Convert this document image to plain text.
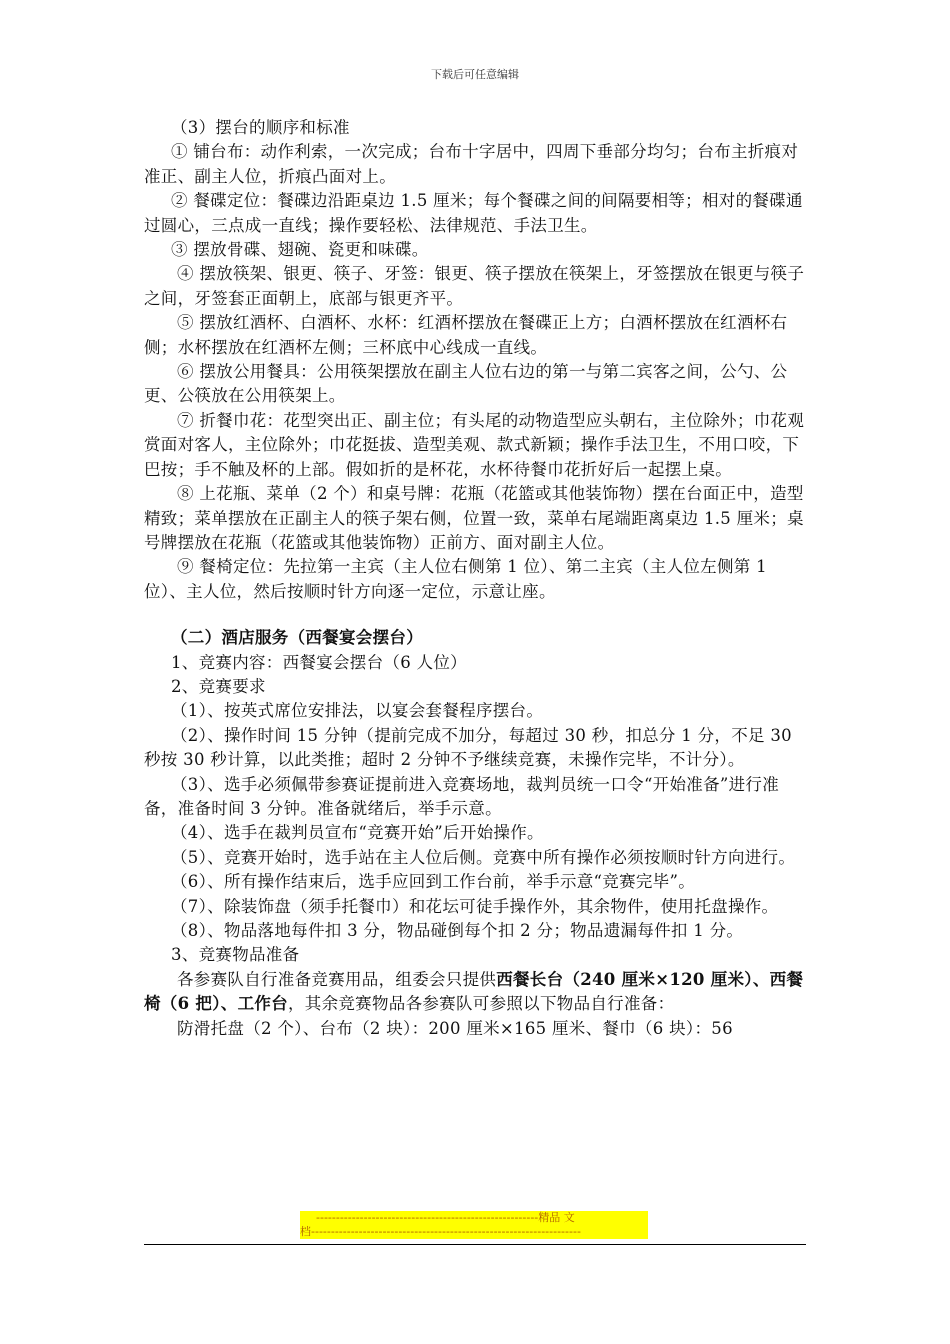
下载后可任意编辑

（3）摆台的顺序和标准

① 铺台布：动作利索，一次完成；台布十字居中，四周下垂部分均匀；台布主折痕对准正、副主人位，折痕凸面对上。

② 餐碟定位：餐碟边沿距桌边 1.5 厘米；每个餐碟之间的间隔要相等；相对的餐碟通过圆心，三点成一直线；操作要轻松、法律规范、手法卫生。

③ 摆放骨碟、翅碗、瓷更和味碟。

④ 摆放筷架、银更、筷子、牙签：银更、筷子摆放在筷架上，牙签摆放在银更与筷子之间，牙签套正面朝上，底部与银更齐平。

⑤ 摆放红酒杯、白酒杯、水杯：红酒杯摆放在餐碟正上方；白酒杯摆放在红酒杯右侧；水杯摆放在红酒杯左侧；三杯底中心线成一直线。

⑥ 摆放公用餐具：公用筷架摆放在副主人位右边的第一与第二宾客之间，公勺、公更、公筷放在公用筷架上。

⑦ 折餐巾花：花型突出正、副主位；有头尾的动物造型应头朝右，主位除外；巾花观赏面对客人，主位除外；巾花挺拔、造型美观、款式新颖；操作手法卫生，不用口咬，下巴按；手不触及杯的上部。假如折的是杯花，水杯待餐巾花折好后一起摆上桌。

⑧ 上花瓶、菜单（2 个）和桌号牌：花瓶（花篮或其他装饰物）摆在台面正中，造型精致；菜单摆放在正副主人的筷子架右侧，位置一致，菜单右尾端距离桌边 1.5 厘米；桌号牌摆放在花瓶（花篮或其他装饰物）正前方、面对副主人位。

⑨ 餐椅定位：先拉第一主宾（主人位右侧第 1 位）、第二主宾（主人位左侧第 1 位）、主人位，然后按顺时针方向逐一定位，示意让座。

（二）酒店服务（西餐宴会摆台）

1、竞赛内容：西餐宴会摆台（6 人位）

2、竞赛要求

（1）、按英式席位安排法，以宴会套餐程序摆台。

（2）、操作时间 15 分钟（提前完成不加分，每超过 30 秒，扣总分 1 分，不足 30 秒按 30 秒计算，以此类推；超时 2 分钟不予继续竞赛，未操作完毕，不计分）。

（3）、选手必须佩带参赛证提前进入竞赛场地，裁判员统一口令“开始准备”进行准备，准备时间 3 分钟。准备就绪后，举手示意。

（4）、选手在裁判员宣布“竞赛开始”后开始操作。

（5）、竞赛开始时，选手站在主人位后侧。竞赛中所有操作必须按顺时针方向进行。

（6）、所有操作结束后，选手应回到工作台前，举手示意“竞赛完毕”。

（7）、除装饰盘（须手托餐巾）和花坛可徒手操作外，其余物件，使用托盘操作。

（8）、物品落地每件扣 3 分，物品碰倒每个扣 2 分；物品遗漏每件扣 1 分。

3、竞赛物品准备

各参赛队自行准备竞赛用品，组委会只提供西餐长台（240 厘米×120 厘米）、西餐椅（6 把）、工作台，其余竞赛物品各参赛队可参照以下物品自行准备：

防滑托盘（2 个）、台布（2 块）：200 厘米×165 厘米、餐巾（6 块）：56

--------------------------------------------------------精品 文
档--------------------------------------------------------------------
